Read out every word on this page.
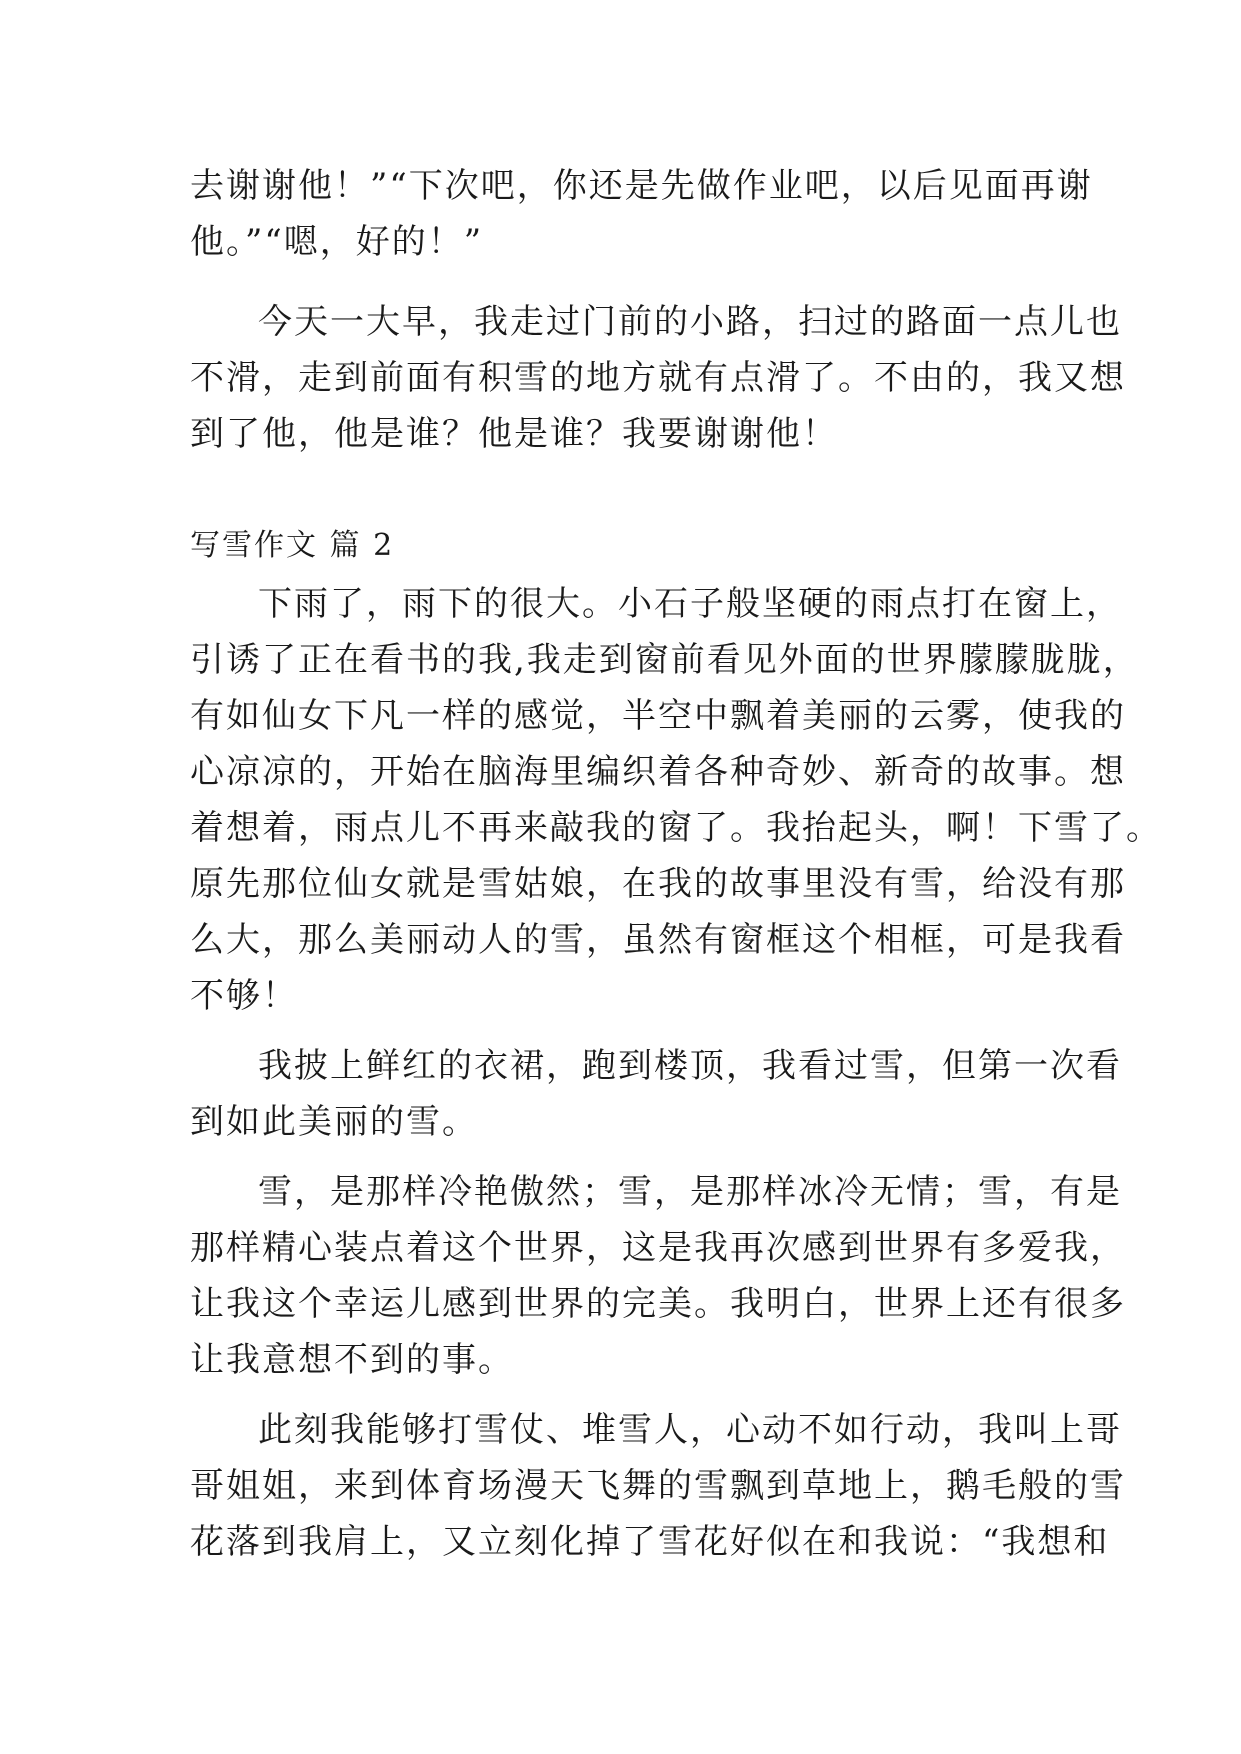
去谢谢他！”“下次吧，你还是先做作业吧，以后见面再谢
他。”“嗯，好的！”
今天一大早，我走过门前的小路，扫过的路面一点儿也
不滑，走到前面有积雪的地方就有点滑了。不由的，我又想
到了他，他是谁？他是谁？我要谢谢他！
写雪作文 篇 2
下雨了，雨下的很大。小石子般坚硬的雨点打在窗上，
引诱了正在看书的我,我走到窗前看见外面的世界朦朦胧胧，
有如仙女下凡一样的感觉，半空中飘着美丽的云雾，使我的
心凉凉的，开始在脑海里编织着各种奇妙、新奇的故事。想
着想着，雨点儿不再来敲我的窗了。我抬起头，啊！下雪了。
原先那位仙女就是雪姑娘，在我的故事里没有雪，给没有那
么大，那么美丽动人的雪，虽然有窗框这个相框，可是我看
不够！
我披上鲜红的衣裙，跑到楼顶，我看过雪，但第一次看
到如此美丽的雪。
雪，是那样冷艳傲然；雪，是那样冰冷无情；雪，有是
那样精心装点着这个世界，这是我再次感到世界有多爱我，
让我这个幸运儿感到世界的完美。我明白，世界上还有很多
让我意想不到的事。
此刻我能够打雪仗、堆雪人，心动不如行动，我叫上哥
哥姐姐，来到体育场漫天飞舞的雪飘到草地上，鹅毛般的雪
花落到我肩上，又立刻化掉了雪花好似在和我说：“我想和
